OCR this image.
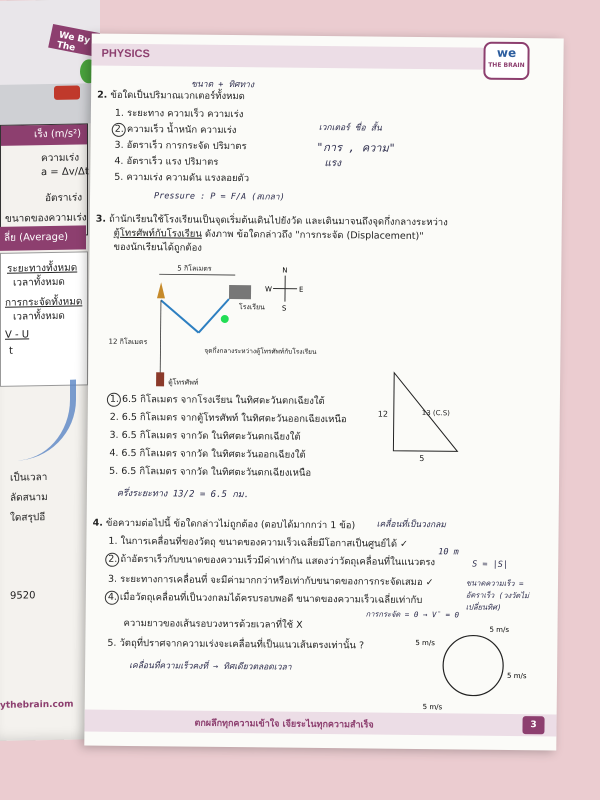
We By The
เร็ง (m/s²)
ความเร่ง
a = Δv/Δt
อัตราเร่ง
ขนาดของความเร่ง
ลี่ย (Average)
ระยะทางทั้งหมด
เวลาทั้งหมด
การกระจัดทั้งหมด
เวลาทั้งหมด
V - U
t
เป็นเวลา
ลัดสนาม
ใดสรุปอี
9520
ythebrain.com
PHYSICS	we
THE BRAIN
ขนาด + ทิศทาง
2. ข้อใดเป็นปริมาณเวกเตอร์ทั้งหมด
1. ระยะทาง ความเร็ว ความเร่ง
2. ความเร็ว น้ำหนัก ความเร่ง
3. อัตราเร็ว การกระจัด ปริมาตร
4. อัตราเร็ว แรง ปริมาตร
5. ความเร่ง ความดัน แรงลอยตัว
เวกเตอร์ ชื่อ สั้น
"การ , ความ"
แรง
Pressure : P = F/A (สเกลา)
3. ถ้านักเรียนใช้โรงเรียนเป็นจุดเริ่มต้นเดินไปยังวัด และเดินมาจนถึงจุดกึ่งกลางระหว่าง
ตู้โทรศัพท์กับโรงเรียน ดังภาพ ข้อใดกล่าวถึง "การกระจัด (Displacement)"
ของนักเรียนได้ถูกต้อง
5 กิโลเมตร
12 กิโลเมตร
ตู้โทรศัพท์
โรงเรียน
จุดกึ่งกลางระหว่างตู้โทรศัพท์กับโรงเรียน
N
S
E
W
12	13 (C.S)
5
1. 6.5 กิโลเมตร จากโรงเรียน ในทิศตะวันตกเฉียงใต้
2. 6.5 กิโลเมตร จากตู้โทรศัพท์ ในทิศตะวันออกเฉียงเหนือ
3. 6.5 กิโลเมตร จากวัด ในทิศตะวันตกเฉียงใต้
4. 6.5 กิโลเมตร จากวัด ในทิศตะวันออกเฉียงใต้
5. 6.5 กิโลเมตร จากวัด ในทิศตะวันตกเฉียงเหนือ
ครึ่งระยะทาง 13/2 = 6.5 กม.
เคลื่อนที่เป็นวงกลม
4. ข้อความต่อไปนี้ ข้อใดกล่าวไม่ถูกต้อง (ตอบได้มากกว่า 1 ข้อ)
1. ในการเคลื่อนที่ของวัตถุ ขนาดของความเร็วเฉลี่ยมีโอกาสเป็นศูนย์ได้ ✓
2. ถ้าอัตราเร็วกับขนาดของความเร็วมีค่าเท่ากัน แสดงว่าวัตถุเคลื่อนที่ในแนวตรง
10 m
S = |S|
3. ระยะทางการเคลื่อนที่ จะมีค่ามากกว่าหรือเท่ากับขนาดของการกระจัดเสมอ ✓
4. เมื่อวัตถุเคลื่อนที่เป็นวงกลมได้ครบรอบพอดี ขนาดของความเร็วเฉลี่ยเท่ากับ
การกระจัด = 0 → V̄ = 0
ความยาวของเส้นรอบวงหารด้วยเวลาที่ใช้ X
5. วัตถุที่ปราศจากความเร่งจะเคลื่อนที่เป็นแนวเส้นตรงเท่านั้น ?
เคลื่อนที่ความเร็วคงที่ → ทิศเดียวตลอดเวลา
ขนาดความเร็ว = อัตราเร็ว (วงวัดไม่เปลี่ยนทิศ)
5 m/s
5 m/s
5 m/s
5 m/s
ตกผลึกทุกความเข้าใจ เจียระไนทุกความสำเร็จ	3
